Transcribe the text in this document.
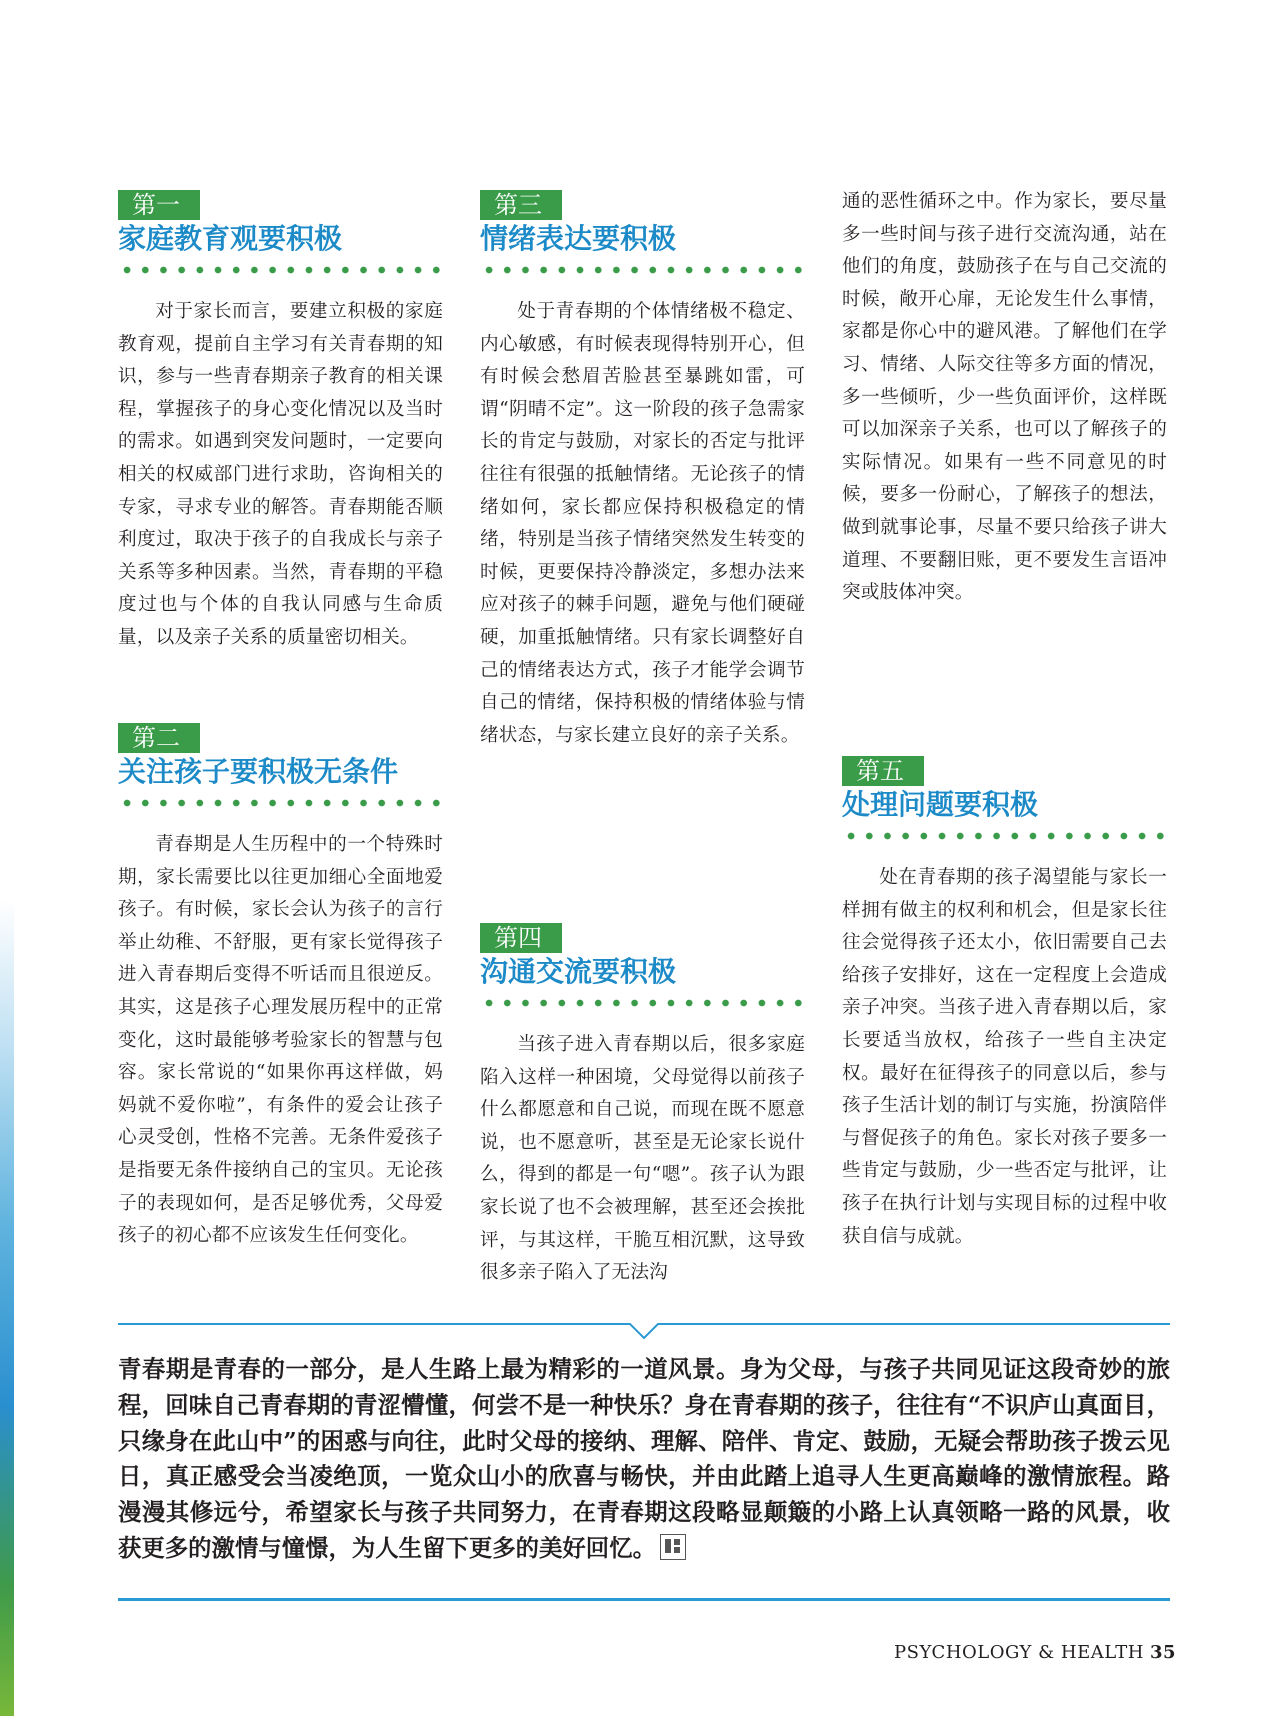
第一
家庭教育观要积极

对于家长而言，要建立积极的家庭教育观，提前自主学习有关青春期的知识，参与一些青春期亲子教育的相关课程，掌握孩子的身心变化情况以及当时的需求。如遇到突发问题时，一定要向相关的权威部门进行求助，咨询相关的专家，寻求专业的解答。青春期能否顺利度过，取决于孩子的自我成长与亲子关系等多种因素。当然，青春期的平稳度过也与个体的自我认同感与生命质量，以及亲子关系的质量密切相关。

第二
关注孩子要积极无条件

青春期是人生历程中的一个特殊时期，家长需要比以往更加细心全面地爱孩子。有时候，家长会认为孩子的言行举止幼稚、不舒服，更有家长觉得孩子进入青春期后变得不听话而且很逆反。其实，这是孩子心理发展历程中的正常变化，这时最能够考验家长的智慧与包容。家长常说的“如果你再这样做，妈妈就不爱你啦”，有条件的爱会让孩子心灵受创，性格不完善。无条件爱孩子是指要无条件接纳自己的宝贝。无论孩子的表现如何，是否足够优秀，父母爱孩子的初心都不应该发生任何变化。

第三
情绪表达要积极

处于青春期的个体情绪极不稳定、内心敏感，有时候表现得特别开心，但有时候会愁眉苦脸甚至暴跳如雷，可谓“阴晴不定”。这一阶段的孩子急需家长的肯定与鼓励，对家长的否定与批评往往有很强的抵触情绪。无论孩子的情绪如何，家长都应保持积极稳定的情绪，特别是当孩子情绪突然发生转变的时候，更要保持冷静淡定，多想办法来应对孩子的棘手问题，避免与他们硬碰硬，加重抵触情绪。只有家长调整好自己的情绪表达方式，孩子才能学会调节自己的情绪，保持积极的情绪体验与情绪状态，与家长建立良好的亲子关系。

第四
沟通交流要积极

当孩子进入青春期以后，很多家庭陷入这样一种困境，父母觉得以前孩子什么都愿意和自己说，而现在既不愿意说，也不愿意听，甚至是无论家长说什么，得到的都是一句“嗯”。孩子认为跟家长说了也不会被理解，甚至还会挨批评，与其这样，干脆互相沉默，这导致很多亲子陷入了无法沟

通的恶性循环之中。作为家长，要尽量多一些时间与孩子进行交流沟通，站在他们的角度，鼓励孩子在与自己交流的时候，敞开心扉，无论发生什么事情，家都是你心中的避风港。了解他们在学习、情绪、人际交往等多方面的情况，多一些倾听，少一些负面评价，这样既可以加深亲子关系，也可以了解孩子的实际情况。如果有一些不同意见的时候，要多一份耐心，了解孩子的想法，做到就事论事，尽量不要只给孩子讲大道理、不要翻旧账，更不要发生言语冲突或肢体冲突。

第五
处理问题要积极

处在青春期的孩子渴望能与家长一样拥有做主的权利和机会，但是家长往往会觉得孩子还太小，依旧需要自己去给孩子安排好，这在一定程度上会造成亲子冲突。当孩子进入青春期以后，家长要适当放权，给孩子一些自主决定权。最好在征得孩子的同意以后，参与孩子生活计划的制订与实施，扮演陪伴与督促孩子的角色。家长对孩子要多一些肯定与鼓励，少一些否定与批评，让孩子在执行计划与实现目标的过程中收获自信与成就。

青春期是青春的一部分，是人生路上最为精彩的一道风景。身为父母，与孩子共同见证这段奇妙的旅程，回味自己青春期的青涩懵懂，何尝不是一种快乐？身在青春期的孩子，往往有“不识庐山真面目，只缘身在此山中”的困惑与向往，此时父母的接纳、理解、陪伴、肯定、鼓励，无疑会帮助孩子拨云见日，真正感受会当凌绝顶，一览众山小的欣喜与畅快，并由此踏上追寻人生更高巅峰的激情旅程。路漫漫其修远兮，希望家长与孩子共同努力，在青春期这段略显颠簸的小路上认真领略一路的风景，收获更多的激情与憧憬，为人生留下更多的美好回忆。
PSYCHOLOGY & HEALTH 35
